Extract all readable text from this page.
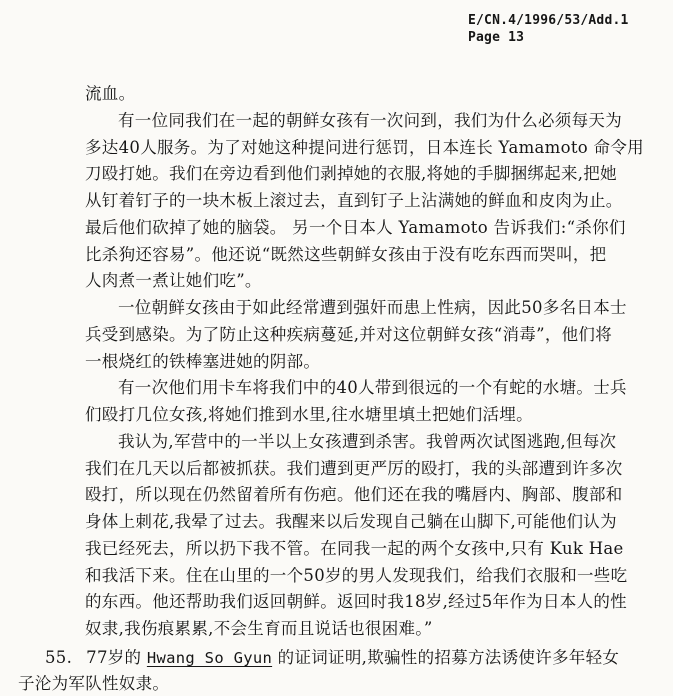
E/CN.4/1996/53/Add.1
Page 13
流血。
有一位同我们在一起的朝鲜女孩有一次问到，我们为什么必须每天为
多达40人服务。为了对她这种提问进行惩罚，日本连长 Yamamoto 命令用
刀殴打她。我们在旁边看到他们剥掉她的衣服,将她的手脚捆绑起来,把她
从钉着钉子的一块木板上滚过去，直到钉子上沾满她的鲜血和皮肉为止。
最后他们砍掉了她的脑袋。 另一个日本人 Yamamoto 告诉我们:“杀你们
比杀狗还容易”。他还说“既然这些朝鲜女孩由于没有吃东西而哭叫，把
人肉煮一煮让她们吃”。
一位朝鲜女孩由于如此经常遭到强奸而患上性病，因此50多名日本士
兵受到感染。为了防止这种疾病蔓延,并对这位朝鲜女孩“消毒”，他们将
一根烧红的铁棒塞进她的阴部。
有一次他们用卡车将我们中的40人带到很远的一个有蛇的水塘。士兵
们殴打几位女孩,将她们推到水里,往水塘里填土把她们活埋。
我认为,军营中的一半以上女孩遭到杀害。我曾两次试图逃跑,但每次
我们在几天以后都被抓获。我们遭到更严厉的殴打，我的头部遭到许多次
殴打，所以现在仍然留着所有伤疤。他们还在我的嘴唇内、胸部、腹部和
身体上刺花,我晕了过去。我醒来以后发现自己躺在山脚下,可能他们认为
我已经死去，所以扔下我不管。在同我一起的两个女孩中,只有 Kuk Hae
和我活下来。住在山里的一个50岁的男人发现我们，给我们衣服和一些吃
的东西。他还帮助我们返回朝鲜。返回时我18岁,经过5年作为日本人的性
奴隶,我伤痕累累,不会生育而且说话也很困难。”
55. 77岁的 Hwang So Gyun 的证词证明,欺骗性的招募方法诱使许多年轻女
子沦为军队性奴隶。
